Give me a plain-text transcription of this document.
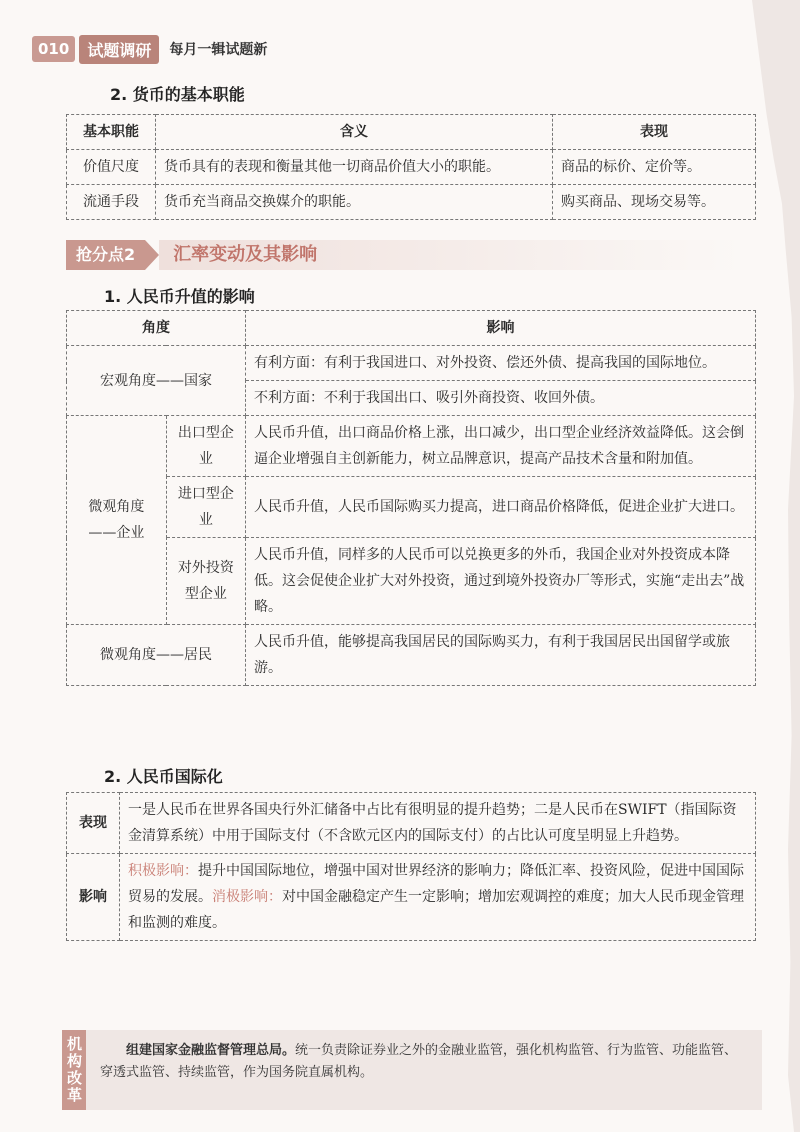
010	试题调研	每月一辑试题新
2. 货币的基本职能
基本职能	含义	表现
价值尺度	货币具有的表现和衡量其他一切商品价值大小的职能。	商品的标价、定价等。
流通手段	货币充当商品交换媒介的职能。	购买商品、现场交易等。
抢分点2	汇率变动及其影响
1. 人民币升值的影响
角度		影响
宏观角度——国家		有利方面：有利于我国进口、对外投资、偿还外债、提高我国的国际地位。
		不利方面：不利于我国出口、吸引外商投资、收回外债。
微观角度——企业	出口型企业	人民币升值，出口商品价格上涨，出口减少，出口型企业经济效益降低。这会倒逼企业增强自主创新能力，树立品牌意识，提高产品技术含量和附加值。
	进口型企业	人民币升值，人民币国际购买力提高，进口商品价格降低，促进企业扩大进口。
	对外投资型企业	人民币升值，同样多的人民币可以兑换更多的外币，我国企业对外投资成本降低。这会促使企业扩大对外投资，通过到境外投资办厂等形式，实施“走出去”战略。
微观角度——居民		人民币升值，能够提高我国居民的国际购买力，有利于我国居民出国留学或旅游。
2. 人民币国际化
表现	一是人民币在世界各国央行外汇储备中占比有很明显的提升趋势；二是人民币在SWIFT（指国际资金清算系统）中用于国际支付（不含欧元区内的国际支付）的占比认可度呈明显上升趋势。
影响	积极影响：提升中国国际地位，增强中国对世界经济的影响力；降低汇率、投资风险，促进中国国际贸易的发展。消极影响：对中国金融稳定产生一定影响；增加宏观调控的难度；加大人民币现金管理和监测的难度。
机构改革	组建国家金融监督管理总局。统一负责除证券业之外的金融业监管，强化机构监管、行为监管、功能监管、穿透式监管、持续监管，作为国务院直属机构。
